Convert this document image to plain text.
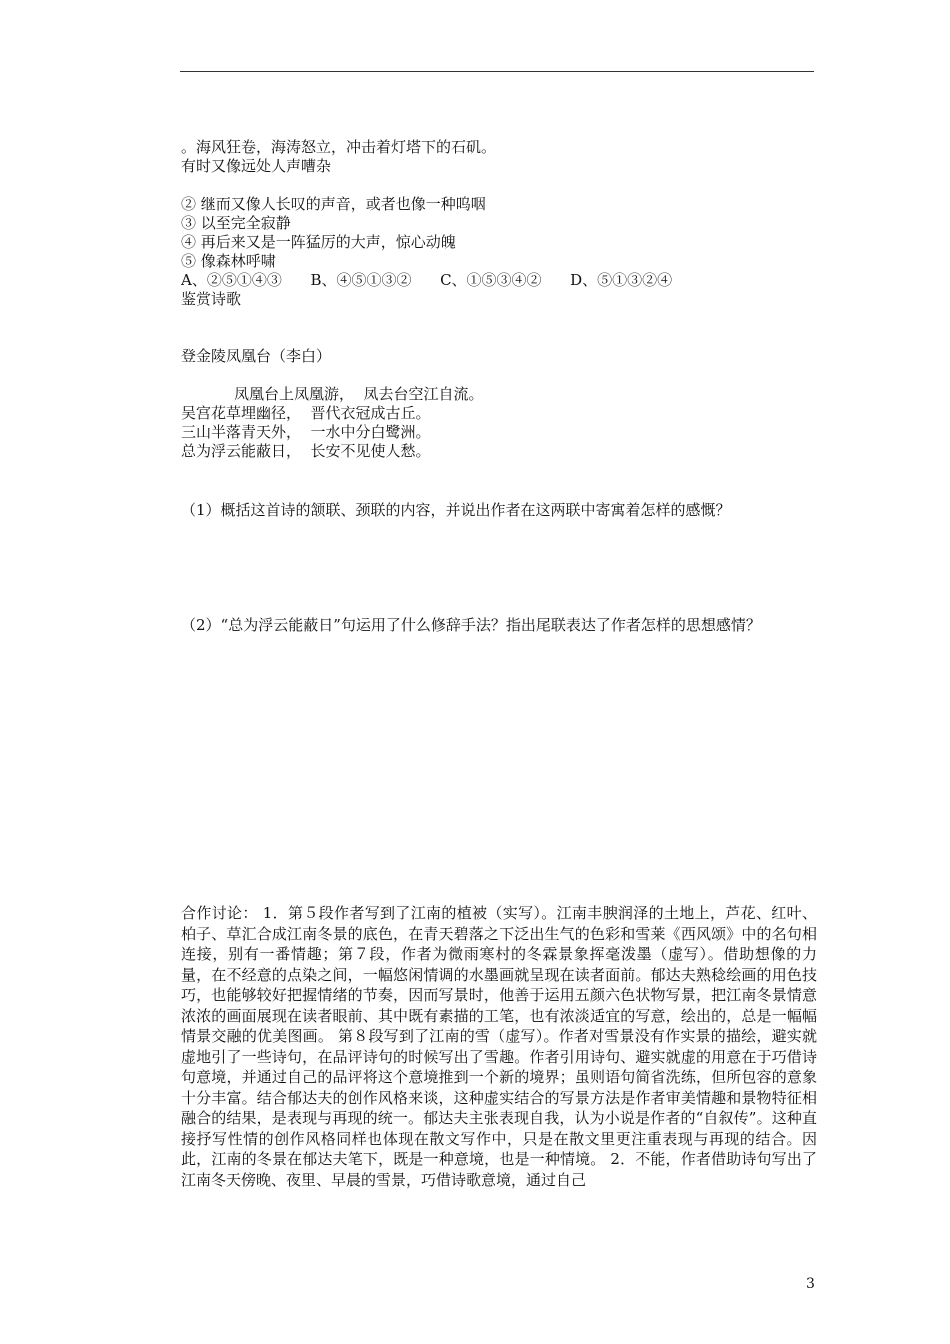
。海风狂卷，海涛怒立，冲击着灯塔下的石矶。
有时又像远处人声嘈杂
② 继而又像人长叹的声音，或者也像一种呜咽
③ 以至完全寂静
④ 再后来又是一阵猛厉的大声，惊心动魄
⑤ 像森林呼啸
A、②⑤①④③      B、④⑤①③②      C、①⑤③④②      D、⑤①③②④
鉴赏诗歌
登金陵凤凰台（李白）
凤凰台上凤凰游，  凤去台空江自流。
吴宫花草埋幽径，  晋代衣冠成古丘。
三山半落青天外，  一水中分白鹭洲。
总为浮云能蔽日，  长安不见使人愁。
（1）概括这首诗的颔联、颈联的内容，并说出作者在这两联中寄寓着怎样的感慨？
（2）“总为浮云能蔽日”句运用了什么修辞手法？指出尾联表达了作者怎样的思想感情？
合作讨论： 1．第５段作者写到了江南的植被（实写）。江南丰腴润泽的土地上，芦花、红叶、柏子、草汇合成江南冬景的底色，在青天碧落之下泛出生气的色彩和雪莱《西风颂》中的名句相连接，别有一番情趣；第７段，作者为微雨寒村的冬霖景象挥毫泼墨（虚写）。借助想像的力量，在不经意的点染之间，一幅悠闲情调的水墨画就呈现在读者面前。郁达夫熟稔绘画的用色技巧，也能够较好把握情绪的节奏，因而写景时，他善于运用五颜六色状物写景，把江南冬景情意浓浓的画面展现在读者眼前、其中既有素描的工笔，也有浓淡适宜的写意，绘出的，总是一幅幅情景交融的优美图画。 第８段写到了江南的雪（虚写）。作者对雪景没有作实景的描绘，避实就虚地引了一些诗句，在品评诗句的时候写出了雪趣。作者引用诗句、避实就虚的用意在于巧借诗句意境，并通过自己的品评将这个意境推到一个新的境界；虽则语句简省洗练，但所包容的意象十分丰富。结合郁达夫的创作风格来谈，这种虚实结合的写景方法是作者审美情趣和景物特征相融合的结果，是表现与再现的统一。郁达夫主张表现自我，认为小说是作者的“自叙传”。这种直接抒写性情的创作风格同样也体现在散文写作中，只是在散文里更注重表现与再现的结合。因此，江南的冬景在郁达夫笔下，既是一种意境，也是一种情境。 2．不能，作者借助诗句写出了江南冬天傍晚、夜里、早晨的雪景，巧借诗歌意境，通过自己
3
